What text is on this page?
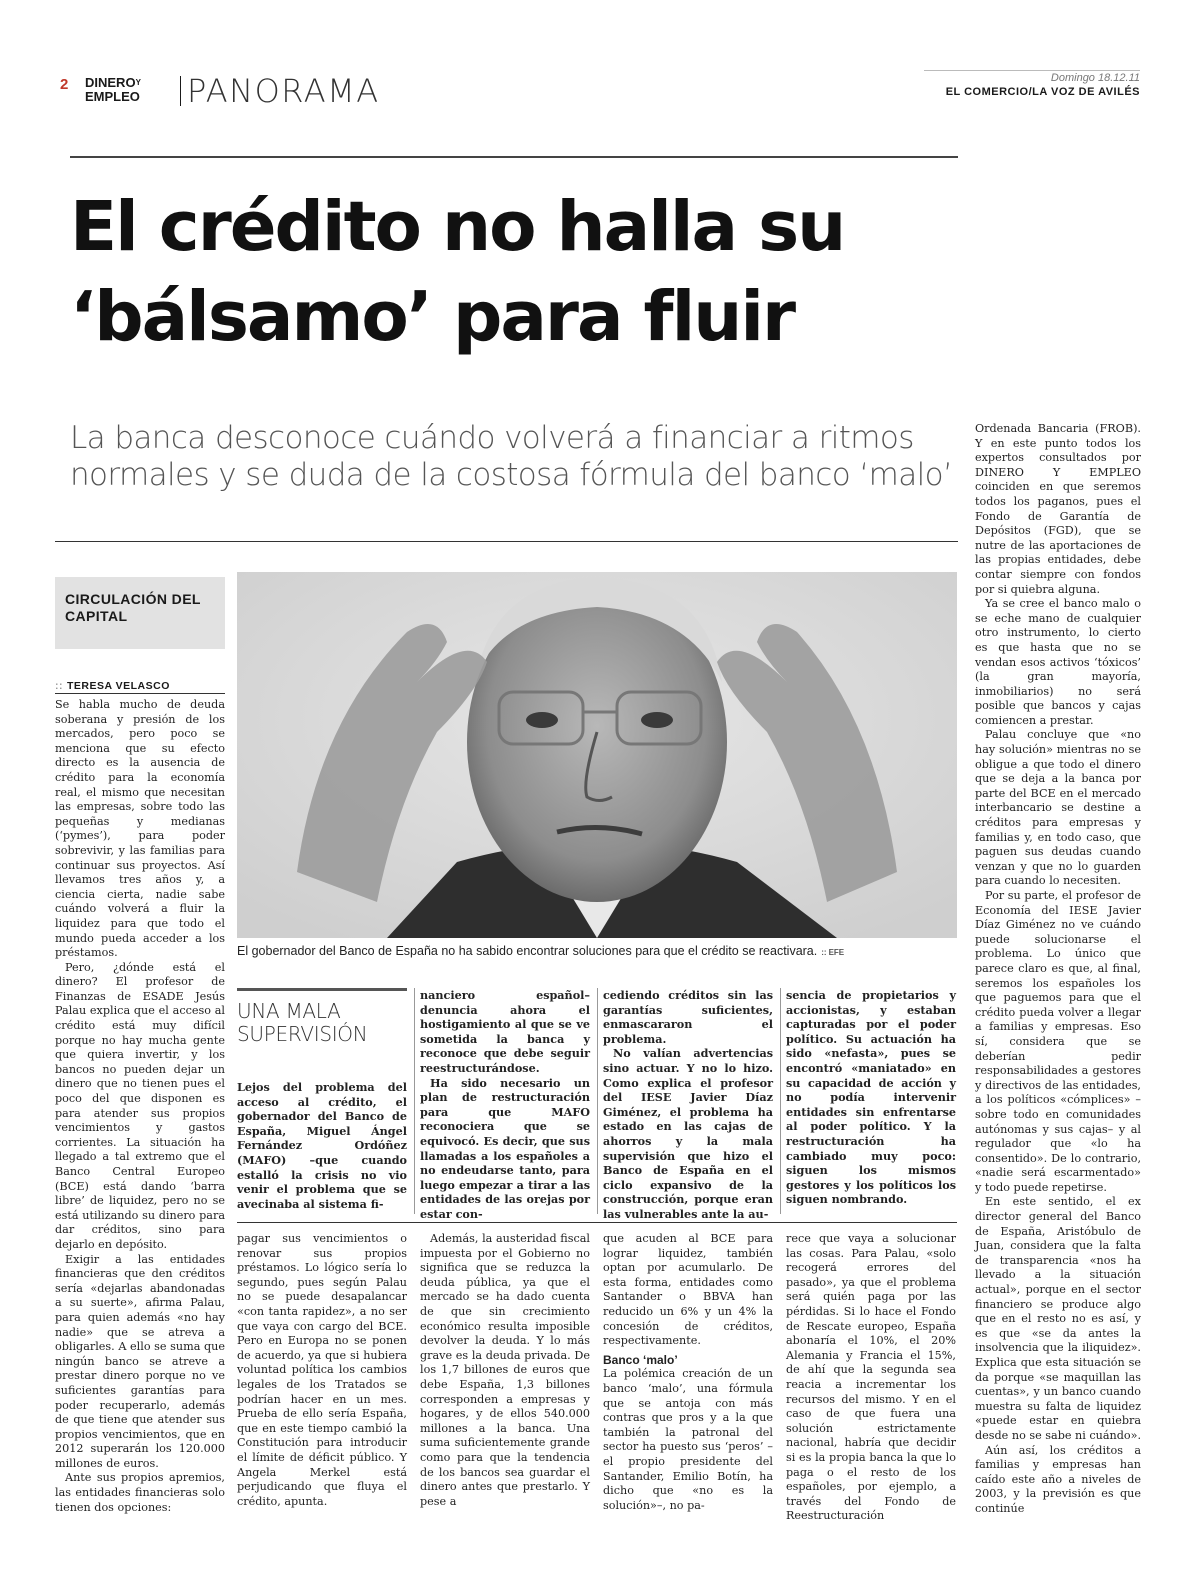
2 $DINERO^Y$
EMPLEO	PANORAMA	Domingo 18.12.11
EL COMERCIO/LA VOZ DE AVILÉS
El crédito no halla su ‘bálsamo’ para fluir
La banca desconoce cuándo volverá a financiar a ritmos normales y se duda de la costosa fórmula del banco ‘malo’
CIRCULACIÓN DEL CAPITAL
:: TERESA VELASCO

Se habla mucho de deuda soberana y presión de los mercados, pero poco se menciona que su efecto directo es la ausencia de crédito para la economía real, el mismo que necesitan las empresas, sobre todo las pequeñas y medianas (‘pymes’), para poder sobrevivir, y las familias para continuar sus proyectos. Así llevamos tres años y, a ciencia cierta, nadie sabe cuándo volverá a fluir la liquidez para que todo el mundo pueda acceder a los préstamos.

Pero, ¿dónde está el dinero? El profesor de Finanzas de ESADE Jesús Palau explica que el acceso al crédito está muy difícil porque no hay mucha gente que quiera invertir, y los bancos no pueden dejar un dinero que no tienen pues el poco del que disponen es para atender sus propios vencimientos y gastos corrientes. La situación ha llegado a tal extremo que el Banco Central Europeo (BCE) está dando ‘barra libre’ de liquidez, pero no se está utilizando su dinero para dar créditos, sino para dejarlo en depósito.

Exigir a las entidades financieras que den créditos sería «dejarlas abandonadas a su suerte», afirma Palau, para quien además «no hay nadie» que se atreva a obligarles. A ello se suma que ningún banco se atreve a prestar dinero porque no ve suficientes garantías para poder recuperarlo, además de que tiene que atender sus propios vencimientos, que en 2012 superarán los 120.000 millones de euros.

Ante sus propios apremios, las entidades financieras solo tienen dos opciones:

El gobernador del Banco de España no ha sabido encontrar soluciones para que el crédito se reactivara. :: EFE
UNA MALA
SUPERVISIÓN

Lejos del problema del acceso al crédito, el gobernador del Banco de España, Miguel Ángel Fernández Ordóñez (MAFO) –que cuando estalló la crisis no vio venir el problema que se avecinaba al sistema fi-

nanciero español– denuncia ahora el hostigamiento al que se ve sometida la banca y reconoce que debe seguir reestructurándose.

Ha sido necesario un plan de restructuración para que MAFO reconociera que se equivocó. Es decir, que sus llamadas a los españoles a no endeudarse tanto, para luego empezar a tirar a las entidades de las orejas por estar con-

cediendo créditos sin las garantías suficientes, enmascararon el problema.

No valían advertencias sino actuar. Y no lo hizo. Como explica el profesor del IESE Javier Díaz Giménez, el problema ha estado en las cajas de ahorros y la mala supervisión que hizo el Banco de España en el ciclo expansivo de la construcción, porque eran las vulnerables ante la au-

sencia de propietarios y accionistas, y estaban capturadas por el poder político. Su actuación ha sido «nefasta», pues se encontró «maniatado» en su capacidad de acción y no podía intervenir entidades sin enfrentarse al poder político. Y la restructuración ha cambiado muy poco: siguen los mismos gestores y los políticos los siguen nombrando.

pagar sus vencimientos o renovar sus propios préstamos. Lo lógico sería lo segundo, pues según Palau no se puede desapalancar «con tanta rapidez», a no ser que vaya con cargo del BCE. Pero en Europa no se ponen de acuerdo, ya que si hubiera voluntad política los cambios legales de los Tratados se podrían hacer en un mes. Prueba de ello sería España, que en este tiempo cambió la Constitución para introducir el límite de déficit público. Y Angela Merkel está perjudicando que fluya el crédito, apunta.

Además, la austeridad fiscal impuesta por el Gobierno no significa que se reduzca la deuda pública, ya que el mercado se ha dado cuenta de que sin crecimiento económico resulta imposible devolver la deuda. Y lo más grave es la deuda privada. De los 1,7 billones de euros que debe España, 1,3 billones corresponden a empresas y hogares, y de ellos 540.000 millones a la banca. Una suma suficientemente grande como para que la tendencia de los bancos sea guardar el dinero antes que prestarlo. Y pese a

que acuden al BCE para lograr liquidez, también optan por acumularlo. De esta forma, entidades como Santander o BBVA han reducido un 6% y un 4% la concesión de créditos, respectivamente.

Banco ‘malo’

La polémica creación de un banco ‘malo’, una fórmula que se antoja con más contras que pros y a la que también la patronal del sector ha puesto sus ‘peros’ –el propio presidente del Santander, Emilio Botín, ha dicho que «no es la solución»–, no pa-

rece que vaya a solucionar las cosas. Para Palau, «solo recogerá errores del pasado», ya que el problema será quién paga por las pérdidas. Si lo hace el Fondo de Rescate europeo, España abonaría el 10%, el 20% Alemania y Francia el 15%, de ahí que la segunda sea reacia a incrementar los recursos del mismo. Y en el caso de que fuera una solución estrictamente nacional, habría que decidir si es la propia banca la que lo paga o el resto de los españoles, por ejemplo, a través del Fondo de Reestructuración

Ordenada Bancaria (FROB). Y en este punto todos los expertos consultados por DINERO Y EMPLEO coinciden en que seremos todos los paganos, pues el Fondo de Garantía de Depósitos (FGD), que se nutre de las aportaciones de las propias entidades, debe contar siempre con fondos por si quiebra alguna.

Ya se cree el banco malo o se eche mano de cualquier otro instrumento, lo cierto es que hasta que no se vendan esos activos ‘tóxicos’ (la gran mayoría, inmobiliarios) no será posible que bancos y cajas comiencen a prestar.

Palau concluye que «no hay solución» mientras no se obligue a que todo el dinero que se deja a la banca por parte del BCE en el mercado interbancario se destine a créditos para empresas y familias y, en todo caso, que paguen sus deudas cuando venzan y que no lo guarden para cuando lo necesiten.

Por su parte, el profesor de Economía del IESE Javier Díaz Giménez no ve cuándo puede solucionarse el problema. Lo único que parece claro es que, al final, seremos los españoles los que paguemos para que el crédito pueda volver a llegar a familias y empresas. Eso sí, considera que se deberían pedir responsabilidades a gestores y directivos de las entidades, a los políticos «cómplices» –sobre todo en comunidades autónomas y sus cajas– y al regulador que «lo ha consentido». De lo contrario, «nadie será escarmentado» y todo puede repetirse.

En este sentido, el ex director general del Banco de España, Aristóbulo de Juan, considera que la falta de transparencia «nos ha llevado a la situación actual», porque en el sector financiero se produce algo que en el resto no es así, y es que «se da antes la insolvencia que la iliquidez». Explica que esta situación se da porque «se maquillan las cuentas», y un banco cuando muestra su falta de liquidez «puede estar en quiebra desde no se sabe ni cuándo».

Aún así, los créditos a familias y empresas han caído este año a niveles de 2003, y la previsión es que continúe
